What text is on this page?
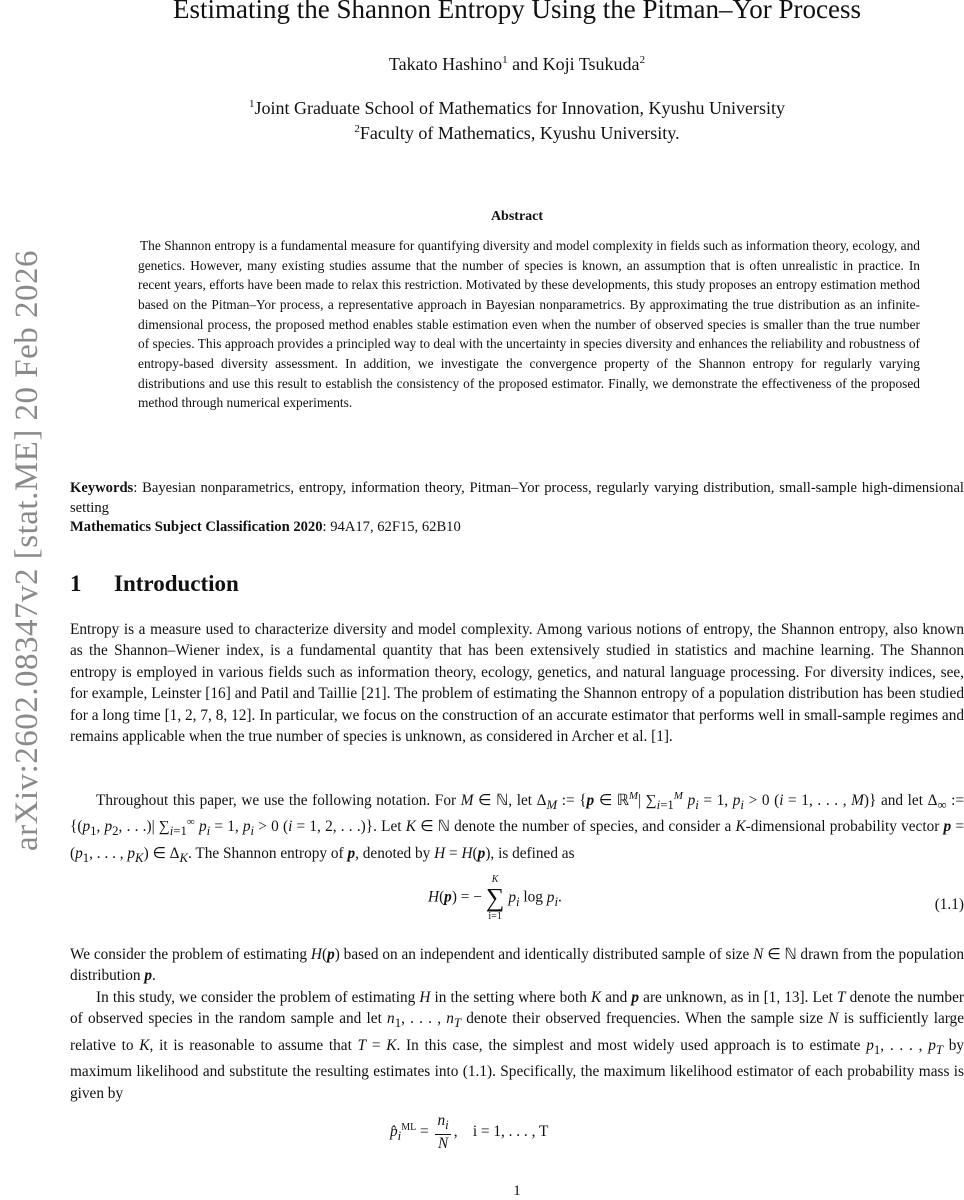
arXiv:2602.08347v2 [stat.ME] 20 Feb 2026
Estimating the Shannon Entropy Using the Pitman–Yor Process
Takato Hashino$^1$ and Koji Tsukuda$^2$
$^1$Joint Graduate School of Mathematics for Innovation, Kyushu University
$^2$Faculty of Mathematics, Kyushu University.
Abstract
The Shannon entropy is a fundamental measure for quantifying diversity and model complexity in fields such as information theory, ecology, and genetics. However, many existing studies assume that the number of species is known, an assumption that is often unrealistic in practice. In recent years, efforts have been made to relax this restriction. Motivated by these developments, this study proposes an entropy estimation method based on the Pitman–Yor process, a representative approach in Bayesian nonparametrics. By approximating the true distribution as an infinite-dimensional process, the proposed method enables stable estimation even when the number of observed species is smaller than the true number of species. This approach provides a principled way to deal with the uncertainty in species diversity and enhances the reliability and robustness of entropy-based diversity assessment. In addition, we investigate the convergence property of the Shannon entropy for regularly varying distributions and use this result to establish the consistency of the proposed estimator. Finally, we demonstrate the effectiveness of the proposed method through numerical experiments.
Keywords: Bayesian nonparametrics, entropy, information theory, Pitman–Yor process, regularly varying distribution, small-sample high-dimensional setting
Mathematics Subject Classification 2020: 94A17, 62F15, 62B10
1 Introduction
Entropy is a measure used to characterize diversity and model complexity. Among various notions of entropy, the Shannon entropy, also known as the Shannon–Wiener index, is a fundamental quantity that has been extensively studied in statistics and machine learning. The Shannon entropy is employed in various fields such as information theory, ecology, genetics, and natural language processing. For diversity indices, see, for example, Leinster [16] and Patil and Taillie [21]. The problem of estimating the Shannon entropy of a population distribution has been studied for a long time [1, 2, 7, 8, 12]. In particular, we focus on the construction of an accurate estimator that performs well in small-sample regimes and remains applicable when the true number of species is unknown, as considered in Archer et al. [1].
Throughout this paper, we use the following notation. For M ∈ ℕ, let $\Delta_M$ := {p ∈ ℝ$^M$| $\sum_{i=1}^M$ $p_i = 1$, $p_i > 0$ (i = 1, . . . , M)} and let $\Delta_\infty$ := {($p_1$, $p_2$, . . .)| $\sum_{i=1}^\infty$ $p_i = 1$, $p_i > 0$ (i = 1, 2, . . .)}. Let K ∈ ℕ denote the number of species, and consider a K-dimensional probability vector $p = (p_1$, . . . , $p_K$) ∈ $\Delta_K$. The Shannon entropy of p, denoted by H = H(p), is defined as
H(p) = −
K
∑
i=1
$p_i$ $\log p_i$.	(1.1)
We consider the problem of estimating H(p) based on an independent and identically distributed sample of size N ∈ ℕ drawn from the population distribution p.
In this study, we consider the problem of estimating H in the setting where both K and p are unknown, as in [1, 13]. Let T denote the number of observed species in the random sample and let $n_1$, . . . , $n_T$ denote their observed frequencies. When the sample size N is sufficiently large relative to K, it is reasonable to assume that T = K. In this case, the simplest and most widely used approach is to estimate $p_1$, . . . , $p_T$ by maximum likelihood and substitute the resulting estimates into (1.1). Specifically, the maximum likelihood estimator of each probability mass is given by
$p̂_i^{ML} = \frac{n_i}{N}$ ,    i = 1, . . . , T
1
